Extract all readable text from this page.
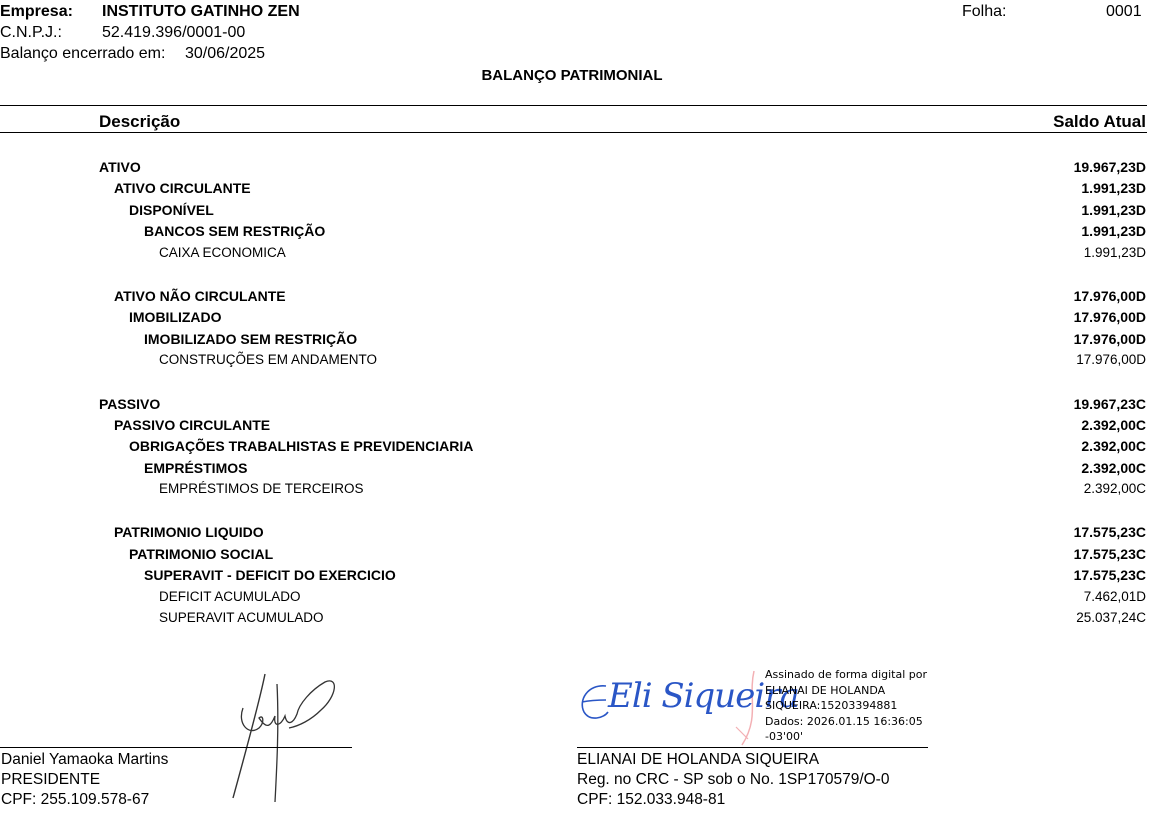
Empresa: INSTITUTO GATINHO ZEN
C.N.P.J.:	52.419.396/0001-00
Balanço encerrado em: 30/06/2025
Folha:	0001
BALANÇO PATRIMONIAL
Descrição	Saldo Atual
ATIVO	19.967,23D
ATIVO CIRCULANTE	1.991,23D
DISPONÍVEL	1.991,23D
BANCOS SEM RESTRIÇÃO	1.991,23D
CAIXA ECONOMICA	1.991,23D
ATIVO NÃO CIRCULANTE	17.976,00D
IMOBILIZADO	17.976,00D
IMOBILIZADO SEM RESTRIÇÃO	17.976,00D
CONSTRUÇÕES EM ANDAMENTO	17.976,00D
PASSIVO	19.967,23C
PASSIVO CIRCULANTE	2.392,00C
OBRIGAÇÕES TRABALHISTAS E PREVIDENCIARIA	2.392,00C
EMPRÉSTIMOS	2.392,00C
EMPRÉSTIMOS DE TERCEIROS	2.392,00C
PATRIMONIO LIQUIDO	17.575,23C
PATRIMONIO SOCIAL	17.575,23C
SUPERAVIT - DEFICIT DO EXERCICIO	17.575,23C
DEFICIT ACUMULADO	7.462,01D
SUPERAVIT ACUMULADO	25.037,24C
Daniel Yamaoka Martins
PRESIDENTE
CPF: 255.109.578-67
Eli Siqueira
Assinado de forma digital por
ELIANAI DE HOLANDA
SIQUEIRA:15203394881
Dados: 2026.01.15 16:36:05
-03'00'
ELIANAI DE HOLANDA SIQUEIRA
Reg. no CRC - SP sob o No. 1SP170579/O-0
CPF: 152.033.948-81
